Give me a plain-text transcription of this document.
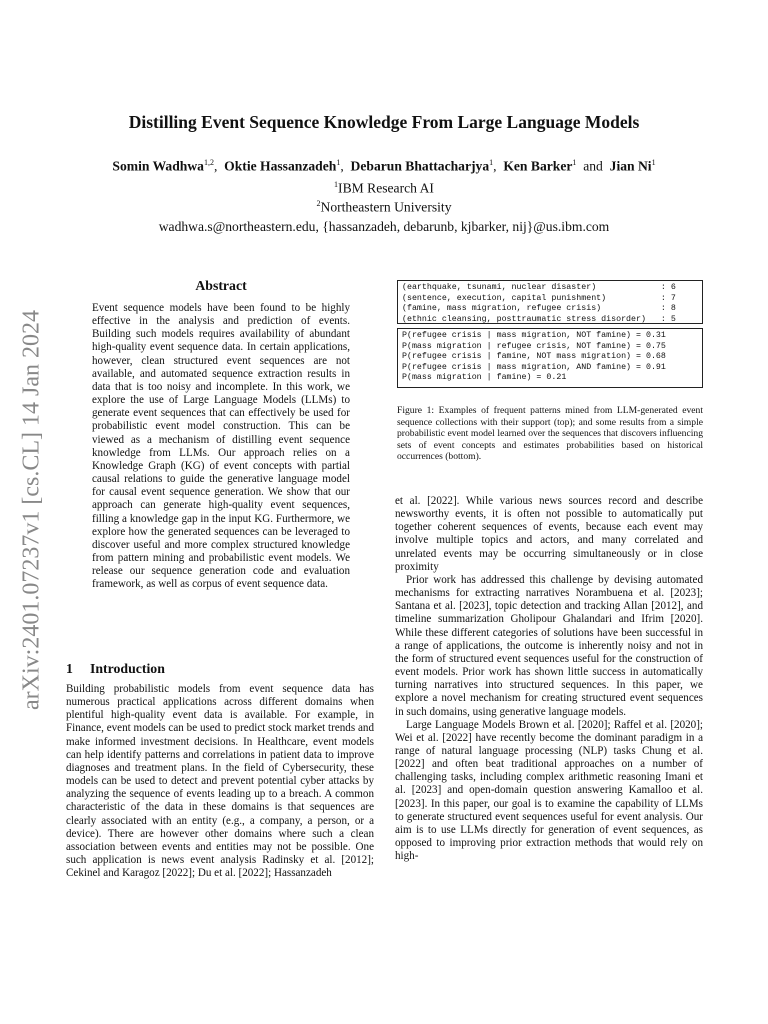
arXiv:2401.07237v1 [cs.CL] 14 Jan 2024
Distilling Event Sequence Knowledge From Large Language Models
Somin Wadhwa$^{1,2}$, Oktie Hassanzadeh$^1$, Debarun Bhattacharjya$^1$, Ken Barker$^1$ and Jian Ni$^1$
$^1$IBM Research AI
$^2$Northeastern University
wadhwa.s@northeastern.edu, {hassanzadeh, debarunb, kjbarker, nij}@us.ibm.com
Abstract
Event sequence models have been found to be highly effective in the analysis and prediction of events. Building such models requires availability of abundant high-quality event sequence data. In certain applications, however, clean structured event sequences are not available, and automated sequence extraction results in data that is too noisy and incomplete. In this work, we explore the use of Large Language Models (LLMs) to generate event sequences that can effectively be used for probabilistic event model construction. This can be viewed as a mechanism of distilling event sequence knowledge from LLMs. Our approach relies on a Knowledge Graph (KG) of event concepts with partial causal relations to guide the generative language model for causal event sequence generation. We show that our approach can generate high-quality event sequences, filling a knowledge gap in the input KG. Furthermore, we explore how the generated sequences can be leveraged to discover useful and more complex structured knowledge from pattern mining and probabilistic event models. We release our sequence generation code and evaluation framework, as well as corpus of event sequence data.
1 Introduction
Building probabilistic models from event sequence data has numerous practical applications across different domains when plentiful high-quality event data is available. For example, in Finance, event models can be used to predict stock market trends and make informed investment decisions. In Healthcare, event models can help identify patterns and correlations in patient data to improve diagnoses and treatment plans. In the field of Cybersecurity, these models can be used to detect and prevent potential cyber attacks by analyzing the sequence of events leading up to a breach. A common characteristic of the data in these domains is that sequences are clearly associated with an entity (e.g., a company, a person, or a device). There are however other domains where such a clean association between events and entities may not be possible. One such application is news event analysis Radinsky et al. [2012]; Cekinel and Karagoz [2022]; Du et al. [2022]; Hassanzadeh
(earthquake, tsunami, nuclear disaster)             : 6
(sentence, execution, capital punishment)           : 7
(famine, mass migration, refugee crisis)            : 8
(ethnic cleansing, posttraumatic stress disorder)   : 5
P(refugee crisis | mass migration, NOT famine) = 0.31
P(mass migration | refugee crisis, NOT famine) = 0.75
P(refugee crisis | famine, NOT mass migration) = 0.68
P(refugee crisis | mass migration, AND famine) = 0.91
P(mass migration | famine) = 0.21
Figure 1: Examples of frequent patterns mined from LLM-generated event sequence collections with their support (top); and some results from a simple probabilistic event model learned over the sequences that discovers influencing sets of event concepts and estimates probabilities based on historical occurrences (bottom).

et al. [2022]. While various news sources record and describe newsworthy events, it is often not possible to automatically put together coherent sequences of events, because each event may involve multiple topics and actors, and many correlated and unrelated events may be occurring simultaneously or in close proximity

Prior work has addressed this challenge by devising automated mechanisms for extracting narratives Norambuena et al. [2023]; Santana et al. [2023], topic detection and tracking Allan [2012], and timeline summarization Gholipour Ghalandari and Ifrim [2020]. While these different categories of solutions have been successful in a range of applications, the outcome is inherently noisy and not in the form of structured event sequences useful for the construction of event models. Prior work has shown little success in automatically turning narratives into structured sequences. In this paper, we explore a novel mechanism for creating structured event sequences in such domains, using generative language models.

Large Language Models Brown et al. [2020]; Raffel et al. [2020]; Wei et al. [2022] have recently become the dominant paradigm in a range of natural language processing (NLP) tasks Chung et al. [2022] and often beat traditional approaches on a number of challenging tasks, including complex arithmetic reasoning Imani et al. [2023] and open-domain question answering Kamalloo et al. [2023]. In this paper, our goal is to examine the capability of LLMs to generate structured event sequences useful for event analysis. Our aim is to use LLMs directly for generation of event sequences, as opposed to improving prior extraction methods that would rely on high-
